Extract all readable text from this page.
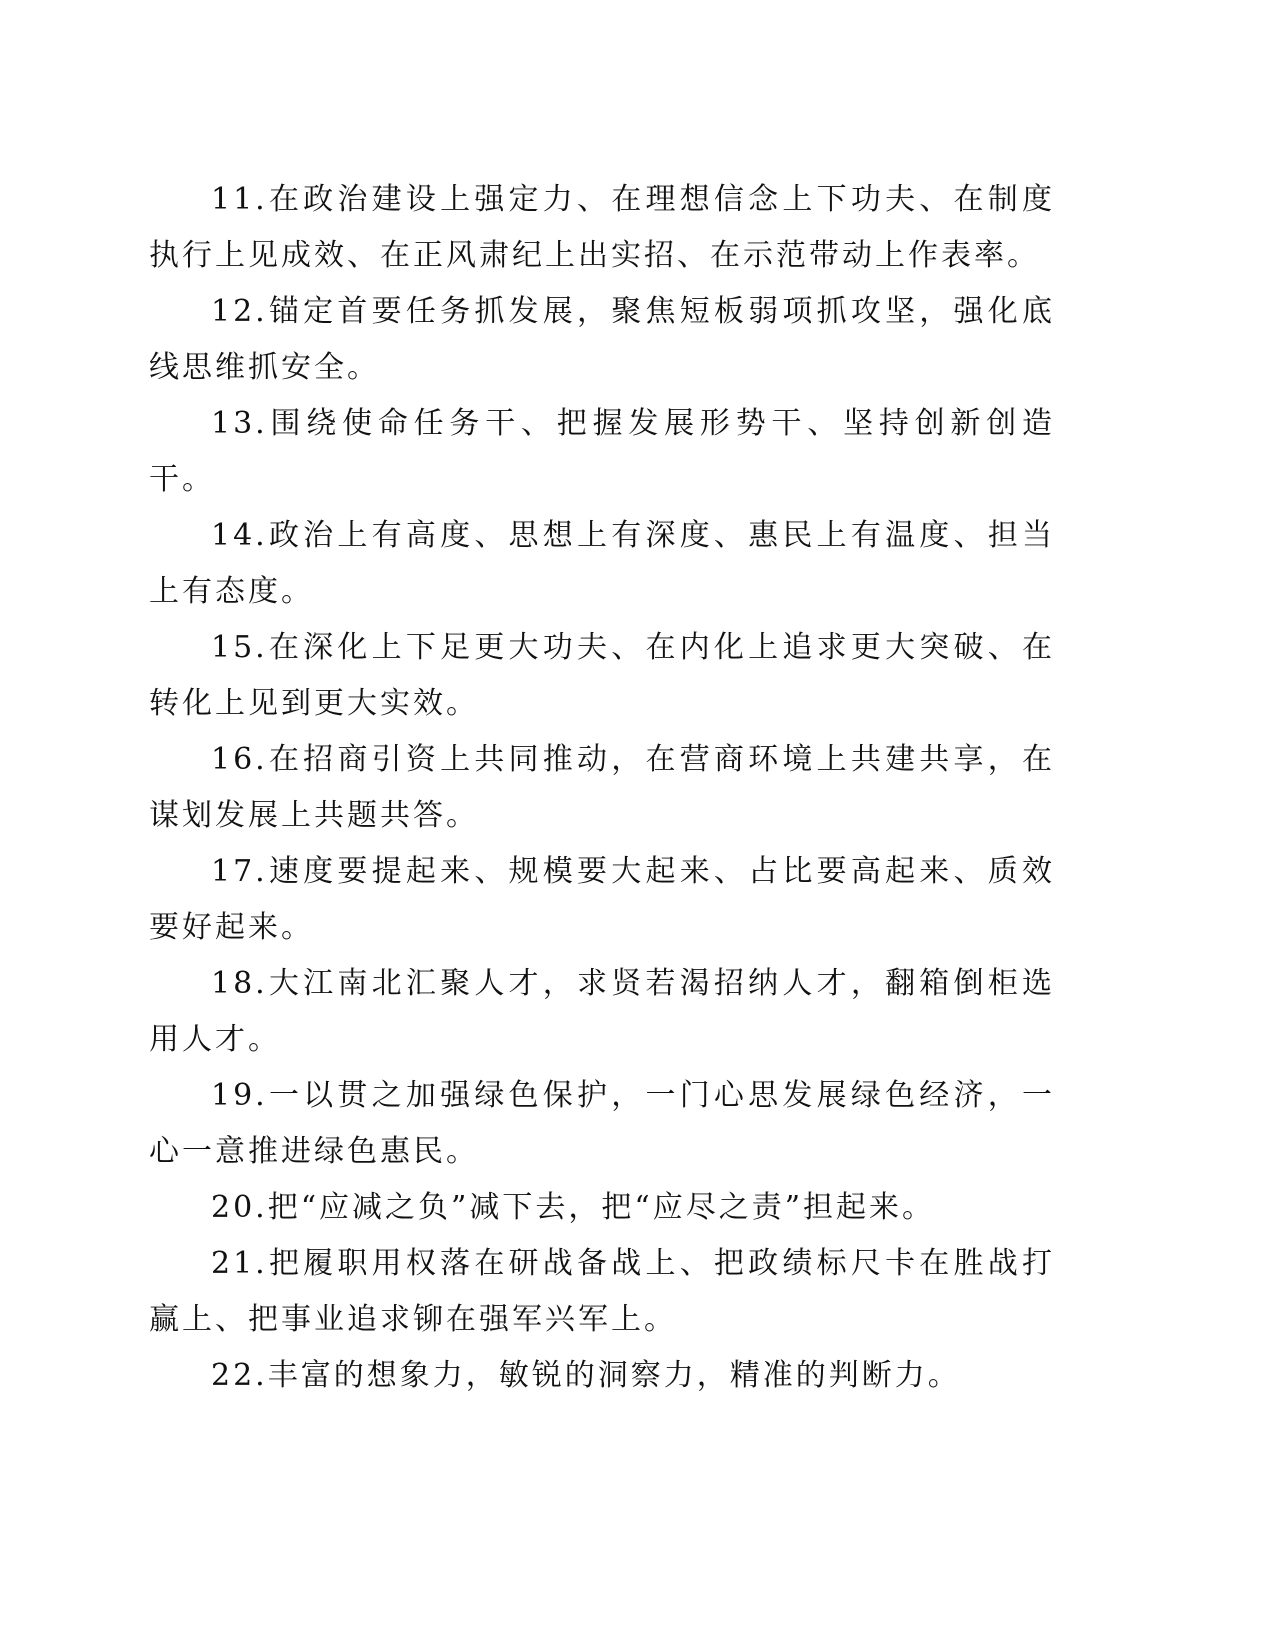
11.在政治建设上强定力、在理想信念上下功夫、在制度执行上见成效、在正风肃纪上出实招、在示范带动上作表率。

12.锚定首要任务抓发展，聚焦短板弱项抓攻坚，强化底线思维抓安全。

13.围绕使命任务干、把握发展形势干、坚持创新创造干。

14.政治上有高度、思想上有深度、惠民上有温度、担当上有态度。

15.在深化上下足更大功夫、在内化上追求更大突破、在转化上见到更大实效。

16.在招商引资上共同推动，在营商环境上共建共享，在谋划发展上共题共答。

17.速度要提起来、规模要大起来、占比要高起来、质效要好起来。

18.大江南北汇聚人才，求贤若渴招纳人才，翻箱倒柜选用人才。

19.一以贯之加强绿色保护，一门心思发展绿色经济，一心一意推进绿色惠民。

20.把“应减之负”减下去，把“应尽之责”担起来。

21.把履职用权落在研战备战上、把政绩标尺卡在胜战打赢上、把事业追求铆在强军兴军上。

22.丰富的想象力，敏锐的洞察力，精准的判断力。
